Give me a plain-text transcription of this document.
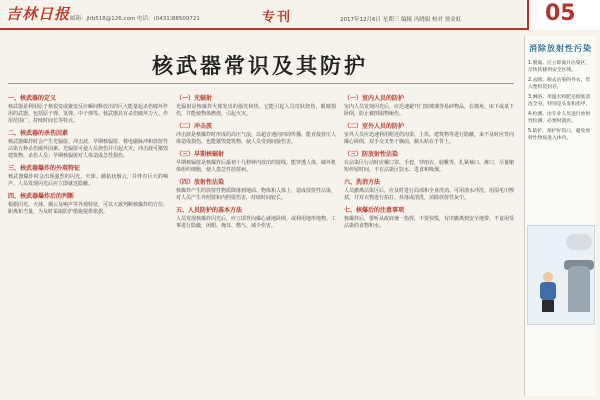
吉林日报 邮箱：jlrb518@126.com 电话：(0431)88509721	专刊	2017年12月6日 星期三 编辑 冯晓娟 校对 贾金虹	05
核武器常识及其防护
一、核武器的定义

核武器是利用原子核裂变或聚变反应瞬间释放出的巨大能量起杀伤破坏作用的武器，包括原子弹、氢弹、中子弹等。核武器具有杀伤破坏力大、作用范围广、持续时间长等特点。

二、核武器的杀伤因素

核武器爆炸时会产生光辐射、冲击波、早期核辐射、核电磁脉冲和放射性沾染五种杀伤破坏因素。光辐射可使人员烧伤并引起火灾；冲击波可摧毁建筑物、杀伤人员；早期核辐射对人体造成急性损伤。

三、核武器爆炸的外观特征

核武器爆炸时会出现强烈的闪光、火球、蘑菇状烟云，并伴有巨大的响声。人员发现闪光后应立即就近隐蔽。

四、核武器爆炸后的判断

根据闪光、火球、烟云及响声等外观特征，可以大致判断核爆炸的方位、距离和当量，为及时采取防护措施提供依据。

（一）光辐射

光辐射是核爆炸火球发出的强光和热。它能引起人员皮肤烧伤、眼睛损伤，并能使物体燃烧，引起火灾。

（二）冲击波

冲击波是核爆炸时形成的高压气浪，以超音速向四周传播，能直接挤压人体造成损伤，也能摧毁建筑物，使人员受到间接伤害。

（三）早期核辐射

早期核辐射是核爆炸后最初十几秒钟内放出的射线，能穿透人体，破坏机体组织细胞，使人患急性放射病。

（四）放射性沾染

核爆炸产生的放射性物质降落到地面、物体和人体上，造成放射性沾染，对人员产生外照射和内照射伤害，持续时间较长。

五、人员防护的基本方法

人员发现核爆炸闪光后，应立即背向爆心就地卧倒，或利用地形地物、工事进行隐蔽，闭眼、掩耳、憋气，减少伤害。

（一）室内人员的防护

室内人员发现闪光后，应迅速避开门窗玻璃等易碎物品，在墙角、床下或桌下卧倒，防止被倒塌物砸伤。

（二）室外人员的防护

室外人员应迅速利用附近的沟渠、土坎、建筑物等进行隐蔽，来不及时应背向爆心卧倒，双手交叉垫于胸前，额头贴在手背上。

（三）防放射性沾染

在沾染区行动时应戴口罩、手套，穿雨衣、胶靴等，扎紧袖口、裤口，尽量缩短停留时间，不在沾染区饮水、进食和吸烟。

六、洗消方法

人员撤离沾染区后，应及时进行局部和全身洗消。可用清水冲洗，用湿毛巾擦拭，并对衣物进行拍打、抖落或清洗，消除放射性灰尘。

七、核爆后的注意事项

核爆炸后，要听从政府统一指挥，不要惊慌，有序撤离到安全地带，不食用受沾染的食物和水。

消除放射性污染
1.脱离。应立即离开沾染区，尽快转移到安全区域。
2.去除。脱去沾染的外衣，装入塑料袋封存。
3.淋浴。用温水和肥皂彻底清洗全身，特别是头发和指甲。
4.检测。由专业人员进行放射性检测，必要时就医。
5.防护。保护好伤口，避免放射性物质进入体内。
